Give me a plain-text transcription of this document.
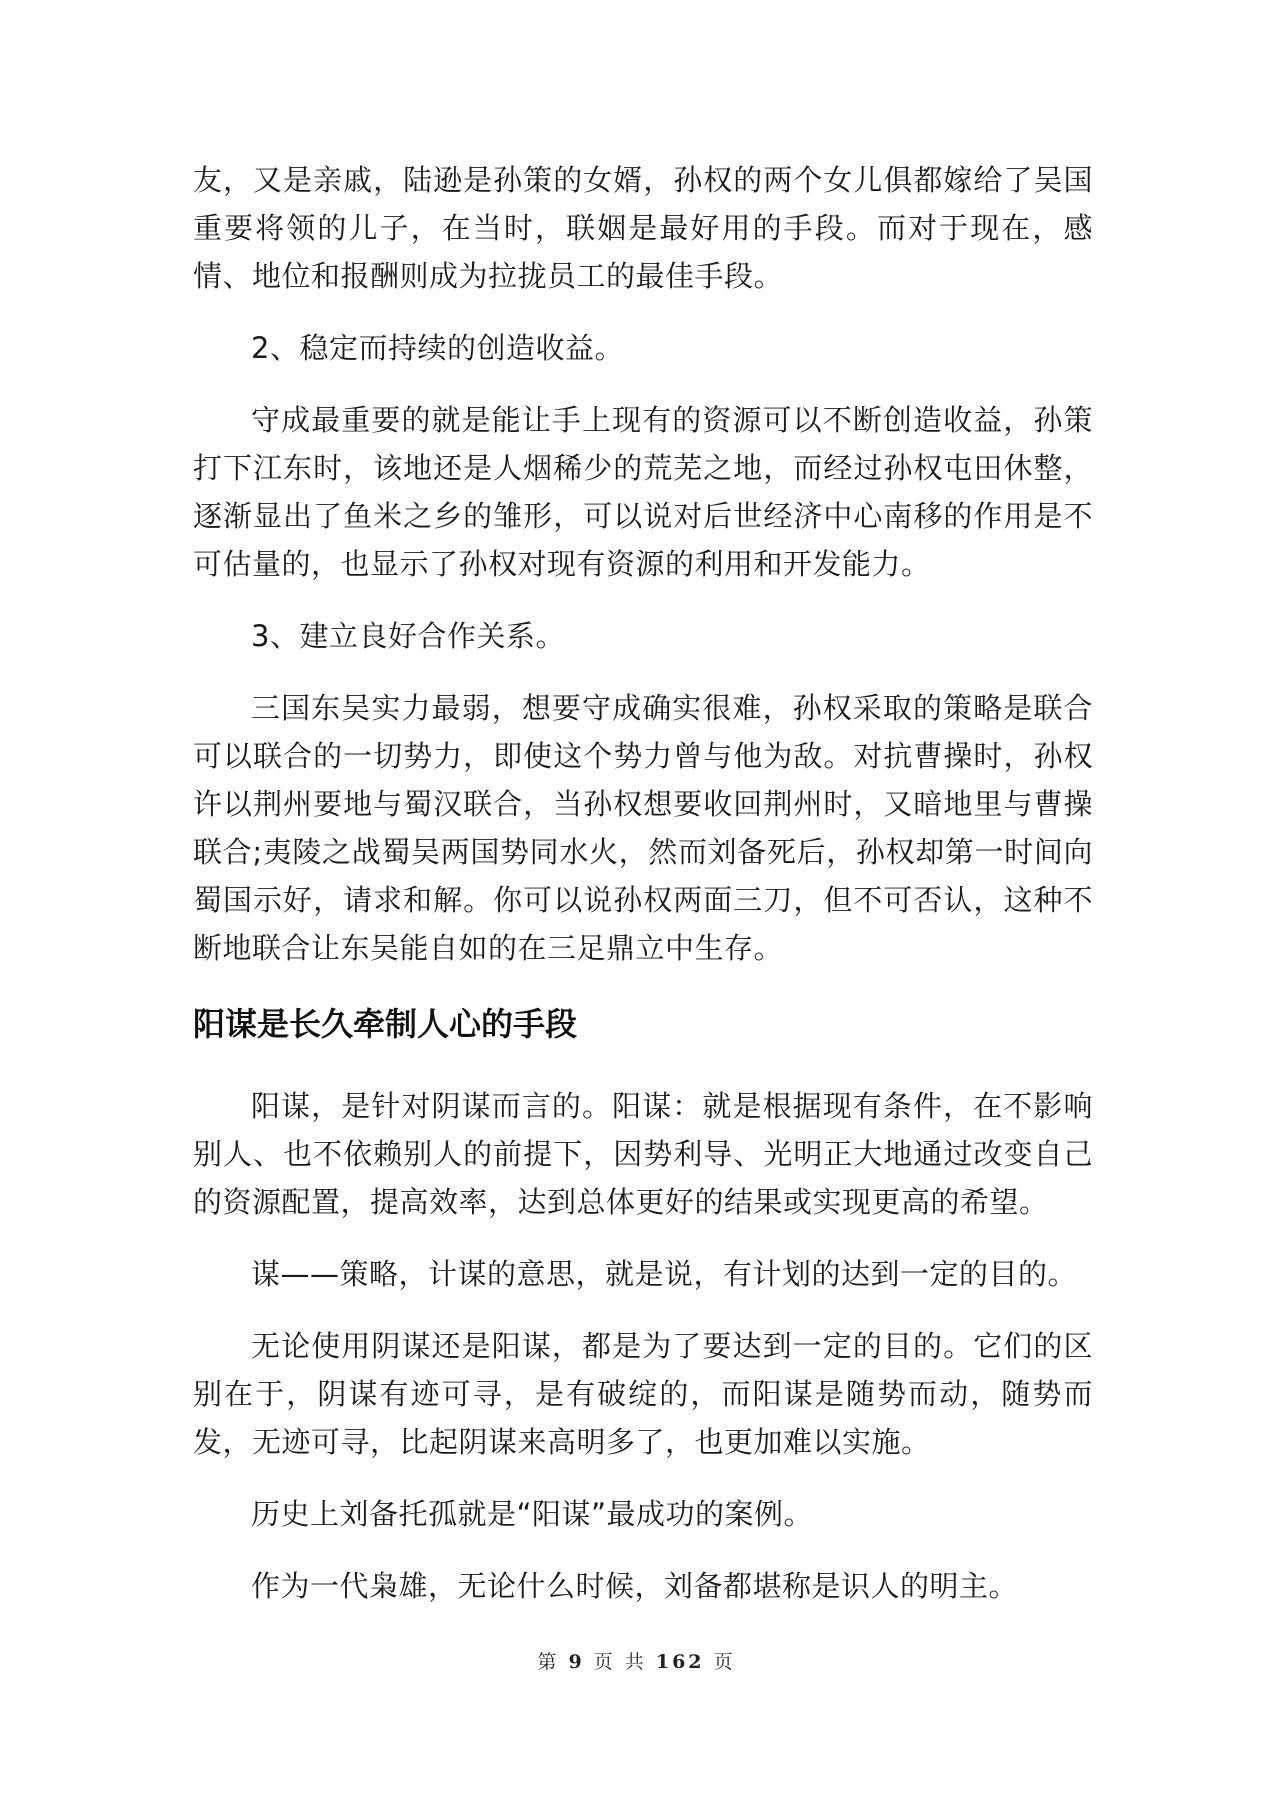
友，又是亲戚，陆逊是孙策的女婿，孙权的两个女儿俱都嫁给了吴国重要将领的儿子，在当时，联姻是最好用的手段。而对于现在，感情、地位和报酬则成为拉拢员工的最佳手段。

2、稳定而持续的创造收益。

守成最重要的就是能让手上现有的资源可以不断创造收益，孙策打下江东时，该地还是人烟稀少的荒芜之地，而经过孙权屯田休整，逐渐显出了鱼米之乡的雏形，可以说对后世经济中心南移的作用是不可估量的，也显示了孙权对现有资源的利用和开发能力。

3、建立良好合作关系。

三国东吴实力最弱，想要守成确实很难，孙权采取的策略是联合可以联合的一切势力，即使这个势力曾与他为敌。对抗曹操时，孙权许以荆州要地与蜀汉联合，当孙权想要收回荆州时，又暗地里与曹操联合;夷陵之战蜀吴两国势同水火，然而刘备死后，孙权却第一时间向蜀国示好，请求和解。你可以说孙权两面三刀，但不可否认，这种不断地联合让东吴能自如的在三足鼎立中生存。

阳谋是长久牵制人心的手段

阳谋，是针对阴谋而言的。阳谋：就是根据现有条件，在不影响别人、也不依赖别人的前提下，因势利导、光明正大地通过改变自己的资源配置，提高效率，达到总体更好的结果或实现更高的希望。

谋——策略，计谋的意思，就是说，有计划的达到一定的目的。

无论使用阴谋还是阳谋，都是为了要达到一定的目的。它们的区别在于，阴谋有迹可寻，是有破绽的，而阳谋是随势而动，随势而发，无迹可寻，比起阴谋来高明多了，也更加难以实施。

历史上刘备托孤就是“阳谋”最成功的案例。

作为一代枭雄，无论什么时候，刘备都堪称是识人的明主。

第 9 页 共 162 页
